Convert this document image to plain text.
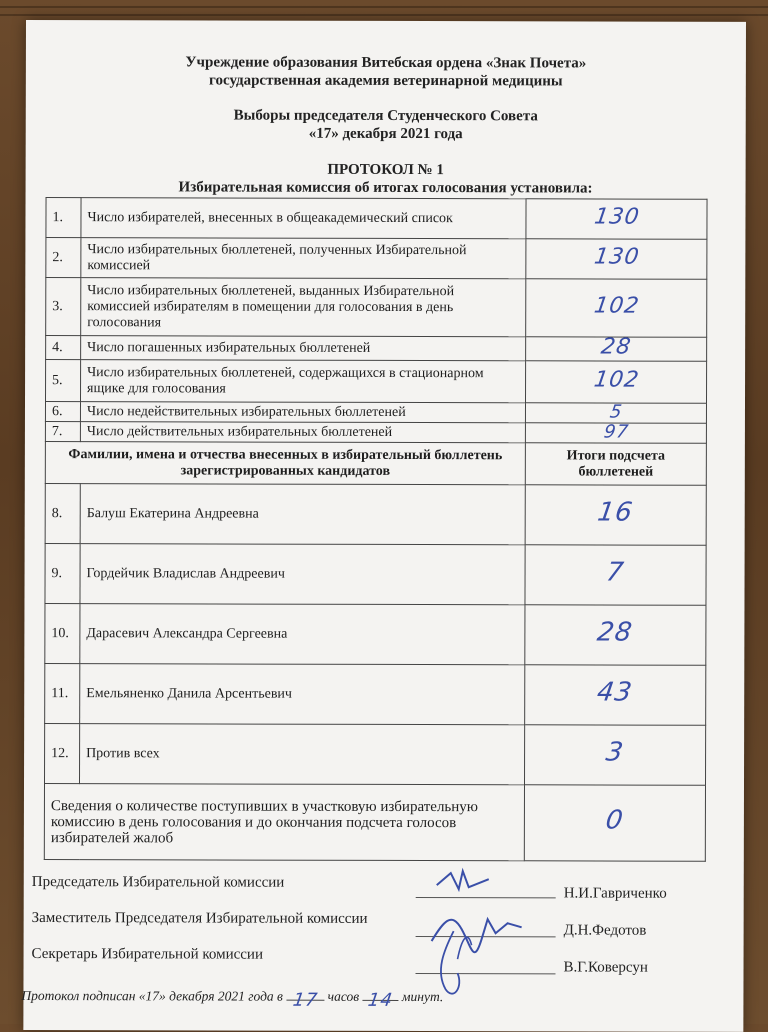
Учреждение образования Витебская ордена «Знак Почета»
государственная академия ветеринарной медицины
Выборы председателя Студенческого Совета
«17» декабря 2021 года
ПРОТОКОЛ № 1
Избирательная комиссия об итогах голосования установила:
1.	Число избирателей, внесенных в общеакадемический список	130
2.	Число избирательных бюллетеней, полученных Избирательной комиссией	130
3.	Число избирательных бюллетеней, выданных Избирательной комиссией избирателям в помещении для голосования в день голосования	102
4.	Число погашенных избирательных бюллетеней	28
5.	Число избирательных бюллетеней, содержащихся в стационарном ящике для голосования	102
6.	Число недействительных избирательных бюллетеней	5
7.	Число действительных избирательных бюллетеней	97
Фамилии, имена и отчества внесенных в избирательный бюллетень зарегистрированных кандидатов		Итоги подсчета бюллетеней
8.	Балуш Екатерина Андреевна	16
9.	Гордейчик Владислав Андреевич	7
10.	Дарасевич Александра Сергеевна	28
11.	Емельяненко Данила Арсентьевич	43
12.	Против всех	3
Сведения о количестве поступивших в участковую избирательную комиссию в день голосования и до окончания подсчета голосов избирателей жалоб		0
Председатель Избирательной комиссии
Н.И.Гавриченко
Заместитель Председателя Избирательной комиссии
Д.Н.Федотов
Секретарь Избирательной комиссии
В.Г.Коверсун
Протокол подписан «17» декабря 2021 года в 17 часов 14 минут.
